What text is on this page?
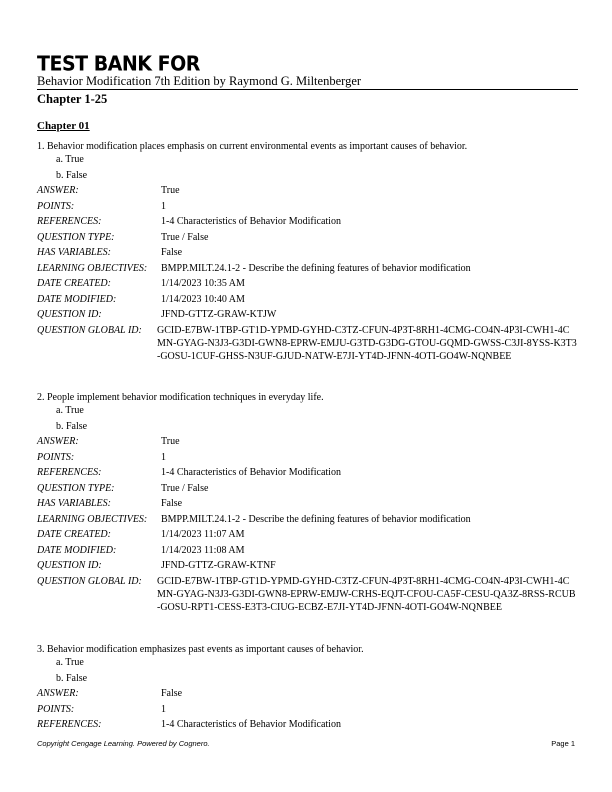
TEST BANK FOR
Behavior Modification 7th Edition by Raymond G. Miltenberger
Chapter 1-25
Chapter 01
1. Behavior modification places emphasis on current environmental events as important causes of behavior.
a. True
b. False
ANSWER:	True
POINTS:	1
REFERENCES:	1-4 Characteristics of Behavior Modification
QUESTION TYPE:	True / False
HAS VARIABLES:	False
LEARNING OBJECTIVES:	BMPP.MILT.24.1-2 - Describe the defining features of behavior modification
DATE CREATED:	1/14/2023 10:35 AM
DATE MODIFIED:	1/14/2023 10:40 AM
QUESTION ID:	JFND-GTTZ-GRAW-KTJW
QUESTION GLOBAL ID:	GCID-E7BW-1TBP-GT1D-YPMD-GYHD-C3TZ-CFUN-4P3T-8RH1-4CMG-CO4N-4P3I-CWH1-4CMN-GYAG-N3J3-G3DI-GWN8-EPRW-EMJU-G3TD-G3DG-GTOU-GQMD-GWSS-C3JI-8YSS-K3T3-GOSU-1CUF-GHSS-N3UF-GJUD-NATW-E7JI-YT4D-JFNN-4OTI-GO4W-NQNBEE
2. People implement behavior modification techniques in everyday life.
a. True
b. False
ANSWER:	True
POINTS:	1
REFERENCES:	1-4 Characteristics of Behavior Modification
QUESTION TYPE:	True / False
HAS VARIABLES:	False
LEARNING OBJECTIVES:	BMPP.MILT.24.1-2 - Describe the defining features of behavior modification
DATE CREATED:	1/14/2023 11:07 AM
DATE MODIFIED:	1/14/2023 11:08 AM
QUESTION ID:	JFND-GTTZ-GRAW-KTNF
QUESTION GLOBAL ID:	GCID-E7BW-1TBP-GT1D-YPMD-GYHD-C3TZ-CFUN-4P3T-8RH1-4CMG-CO4N-4P3I-CWH1-4CMN-GYAG-N3J3-G3DI-GWN8-EPRW-EMJW-CRHS-EQJT-CFOU-CA5F-CESU-QA3Z-8RSS-RCUB-GOSU-RPT1-CESS-E3T3-CIUG-ECBZ-E7JI-YT4D-JFNN-4OTI-GO4W-NQNBEE
3. Behavior modification emphasizes past events as important causes of behavior.
a. True
b. False
ANSWER:	False
POINTS:	1
REFERENCES:	1-4 Characteristics of Behavior Modification
Copyright Cengage Learning. Powered by Cognero.	Page 1
